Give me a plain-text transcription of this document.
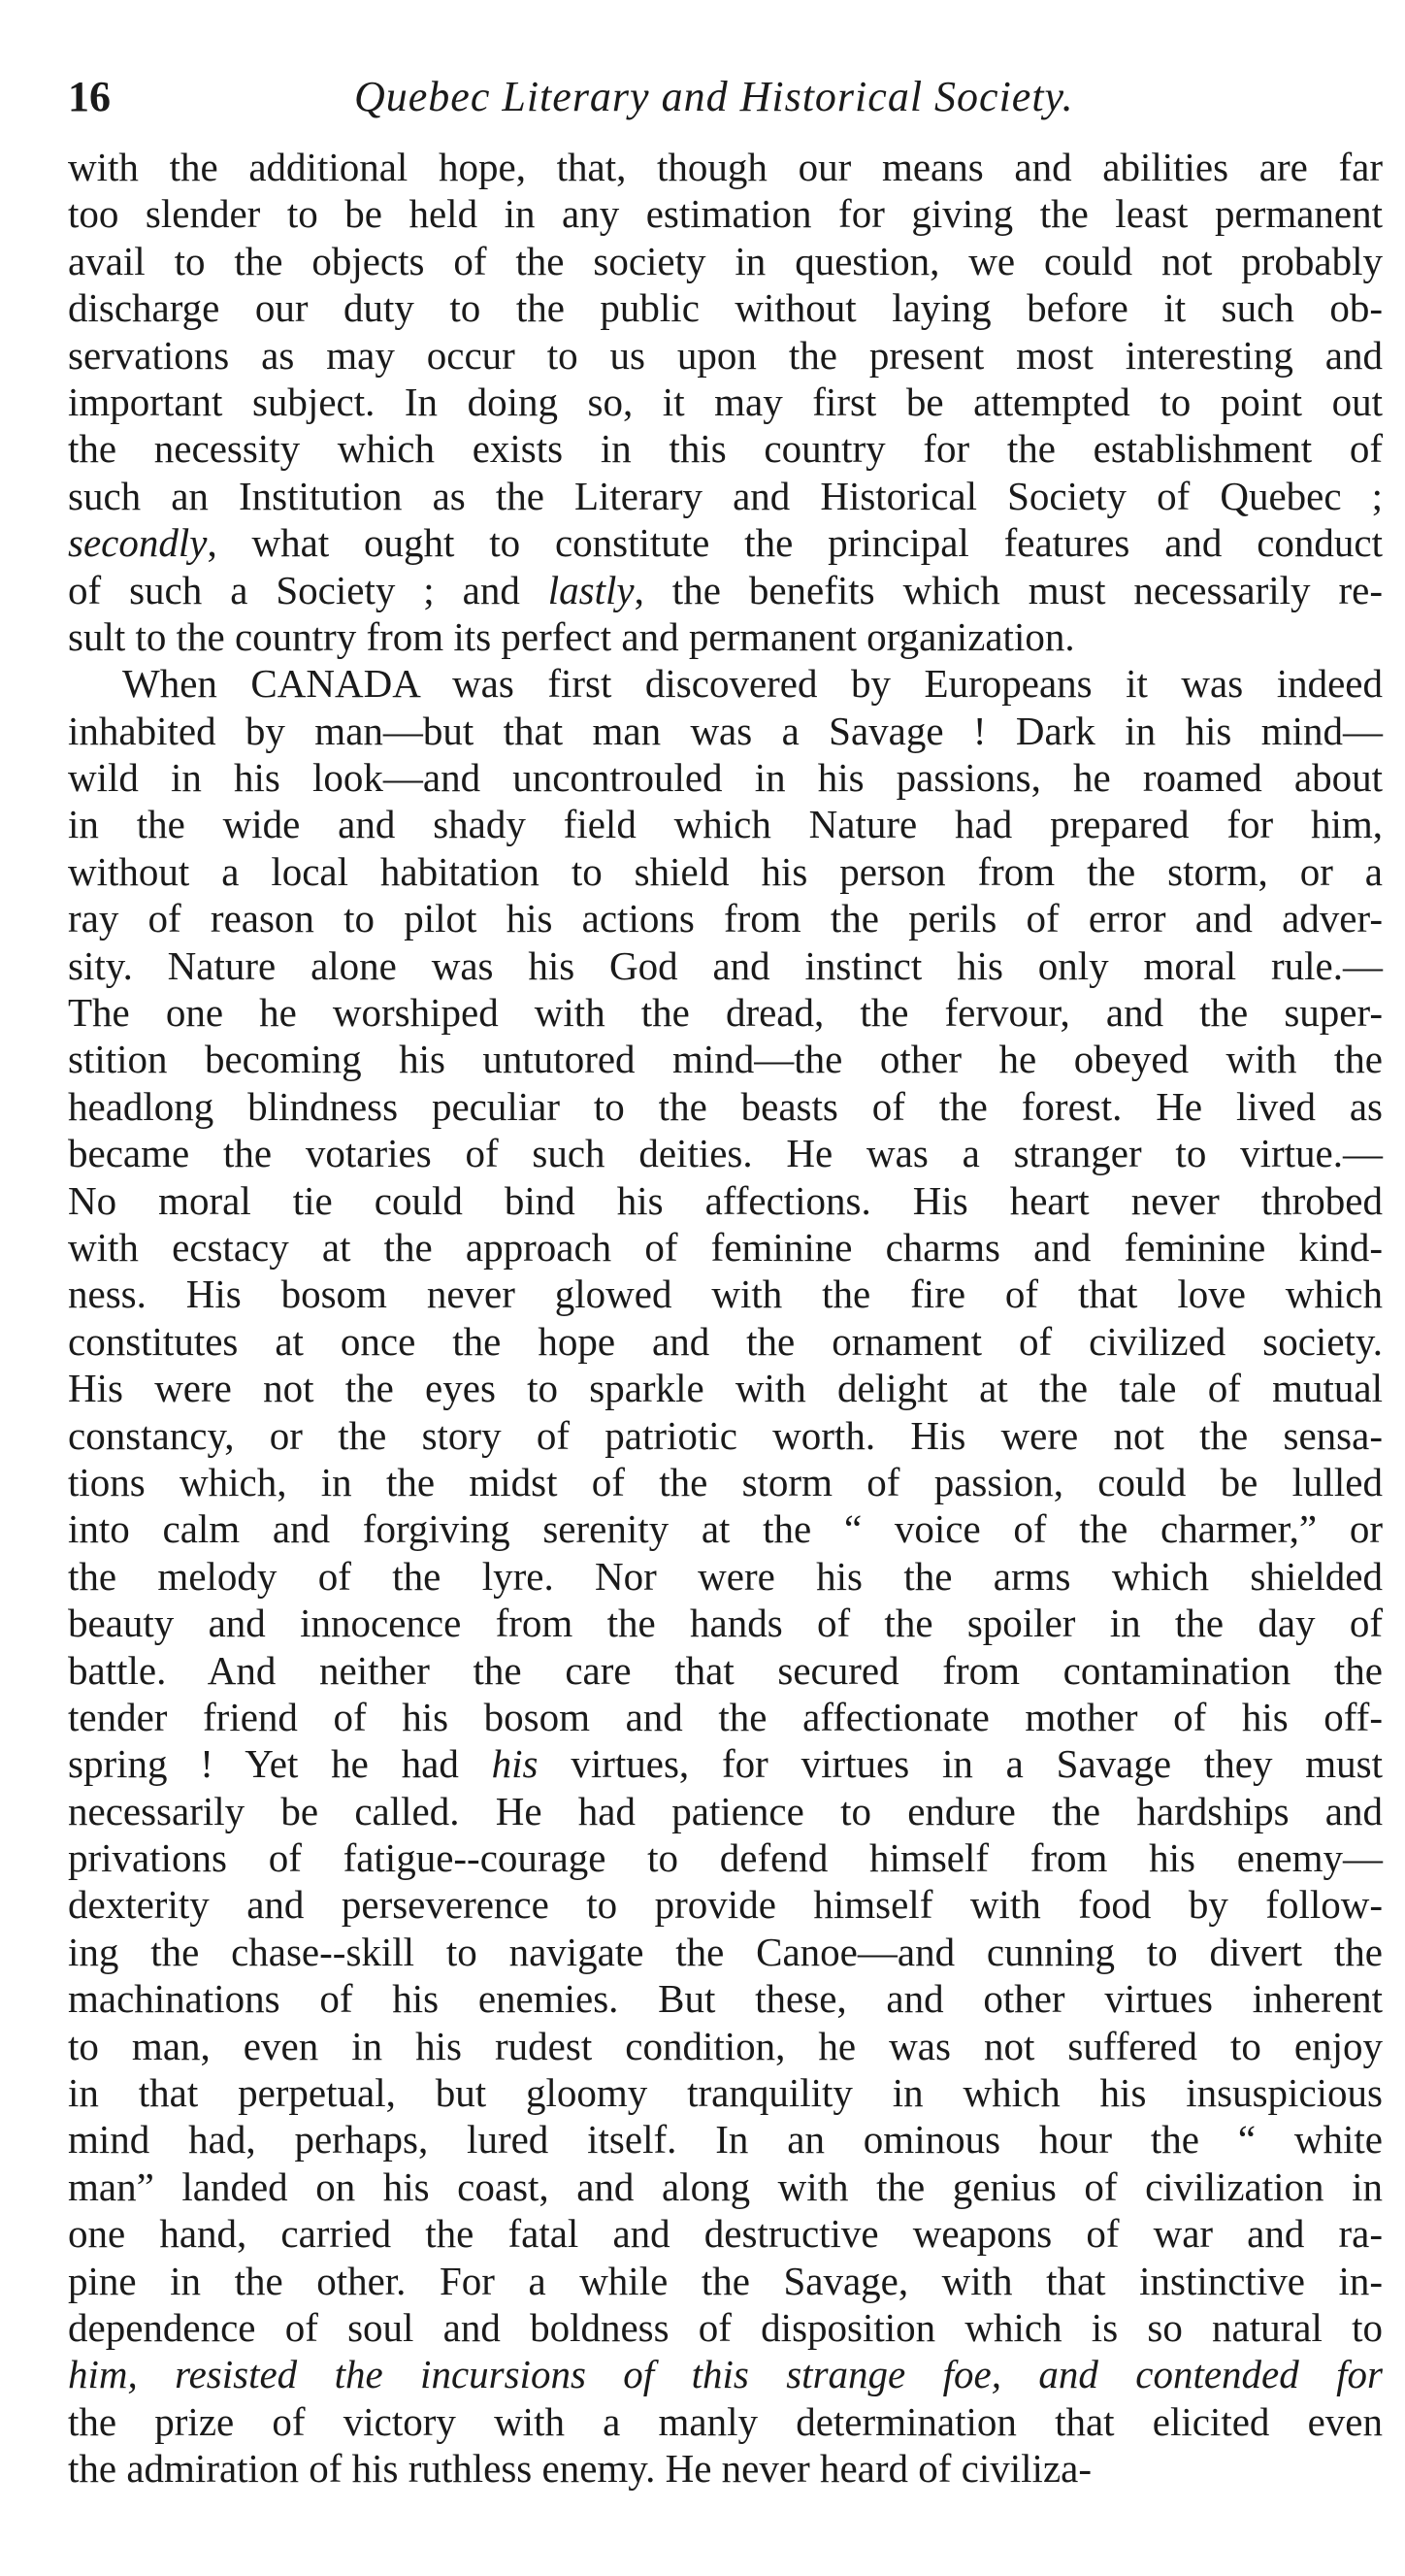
16	Quebec Literary and Historical Society.
with the additional hope, that, though our means and abilities are far
too slender to be held in any estimation for giving the least permanent
avail to the objects of the society in question, we could not probably
discharge our duty to the public without laying before it such ob-
servations as may occur to us upon the present most interesting and
important subject. In doing so, it may first be attempted to point out
the necessity which exists in this country for the establishment of
such an Institution as the Literary and Historical Society of Quebec ;
secondly, what ought to constitute the principal features and conduct
of such a Society ; and lastly, the benefits which must necessarily re-
sult to the country from its perfect and permanent organization.
When CANADA was first discovered by Europeans it was indeed
inhabited by man—but that man was a Savage ! Dark in his mind—
wild in his look—and uncontrouled in his passions, he roamed about
in the wide and shady field which Nature had prepared for him,
without a local habitation to shield his person from the storm, or a
ray of reason to pilot his actions from the perils of error and adver-
sity. Nature alone was his God and instinct his only moral rule.—
The one he worshiped with the dread, the fervour, and the super-
stition becoming his untutored mind—the other he obeyed with the
headlong blindness peculiar to the beasts of the forest. He lived as
became the votaries of such deities. He was a stranger to virtue.—
No moral tie could bind his affections. His heart never throbed
with ecstacy at the approach of feminine charms and feminine kind-
ness. His bosom never glowed with the fire of that love which
constitutes at once the hope and the ornament of civilized society.
His were not the eyes to sparkle with delight at the tale of mutual
constancy, or the story of patriotic worth. His were not the sensa-
tions which, in the midst of the storm of passion, could be lulled
into calm and forgiving serenity at the “ voice of the charmer,” or
the melody of the lyre. Nor were his the arms which shielded
beauty and innocence from the hands of the spoiler in the day of
battle. And neither the care that secured from contamination the
tender friend of his bosom and the affectionate mother of his off-
spring ! Yet he had his virtues, for virtues in a Savage they must
necessarily be called. He had patience to endure the hardships and
privations of fatigue--courage to defend himself from his enemy—
dexterity and perseverence to provide himself with food by follow-
ing the chase--skill to navigate the Canoe—and cunning to divert the
machinations of his enemies. But these, and other virtues inherent
to man, even in his rudest condition, he was not suffered to enjoy
in that perpetual, but gloomy tranquility in which his insuspicious
mind had, perhaps, lured itself. In an ominous hour the “ white
man” landed on his coast, and along with the genius of civilization in
one hand, carried the fatal and destructive weapons of war and ra-
pine in the other. For a while the Savage, with that instinctive in-
dependence of soul and boldness of disposition which is so natural to
him, resisted the incursions of this strange foe, and contended for
the prize of victory with a manly determination that elicited even
the admiration of his ruthless enemy. He never heard of civiliza-
